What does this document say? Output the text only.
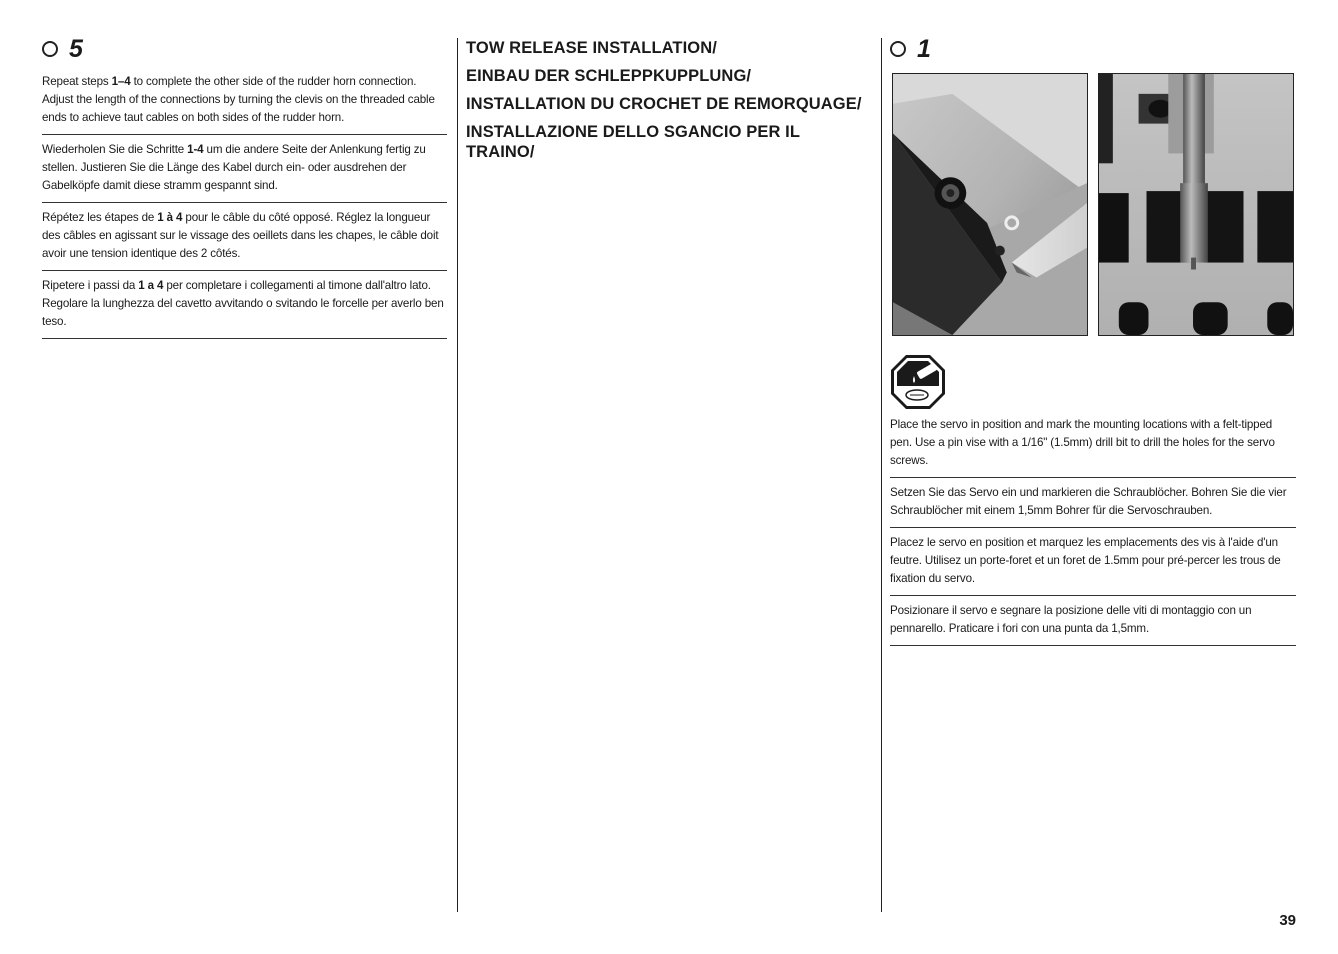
5

Repeat steps 1–4 to complete the other side of the rudder horn connection. Adjust the length of the connections by turning the clevis on the threaded cable ends to achieve taut cables on both sides of the rudder horn.

Wiederholen Sie die Schritte 1-4 um die andere Seite der Anlenkung fertig zu stellen. Justieren Sie die Länge des Kabel durch ein- oder ausdrehen der Gabelköpfe damit diese stramm gespannt sind.

Répétez les étapes de 1 à 4 pour le câble du côté opposé. Réglez la longueur des câbles en agissant sur le vissage des oeillets dans les chapes, le câble doit avoir une tension identique des 2 côtés.

Ripetere i passi da 1 a 4 per completare i collegamenti al timone dall'altro lato. Regolare la lunghezza del cavetto avvitando o svitando le forcelle per averlo ben teso.

TOW RELEASE INSTALLATION/

EINBAU DER SCHLEPPKUPPLUNG/

INSTALLATION DU CROCHET DE REMORQUAGE/

INSTALLAZIONE DELLO SGANCIO PER IL TRAINO/

1

Place the servo in position and mark the mounting locations with a felt-tipped pen. Use a pin vise with a 1/16" (1.5mm) drill bit to drill the holes for the servo screws.

Setzen Sie das Servo ein und markieren die Schraublöcher. Bohren Sie die vier Schraublöcher mit einem 1,5mm Bohrer für die Servoschrauben.

Placez le servo en position et marquez les emplacements des vis à l'aide d'un feutre. Utilisez un porte-foret et un foret de 1.5mm pour pré-percer les trous de fixation du servo.

Posizionare il servo e segnare la posizione delle viti di montaggio con un pennarello. Praticare i fori con una punta da 1,5mm.

39
